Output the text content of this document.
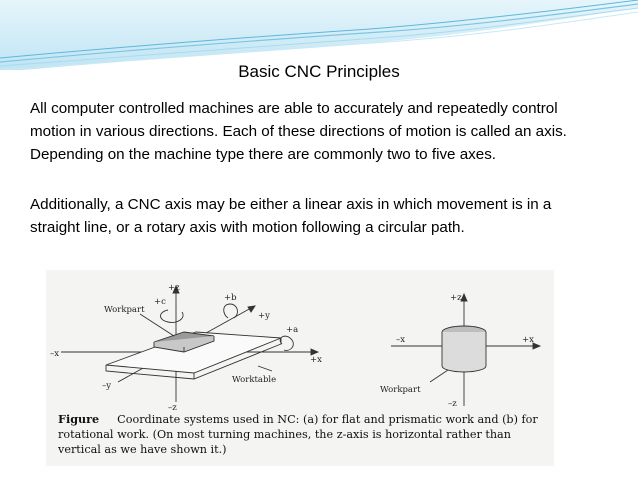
Basic CNC Principles

All computer controlled machines are able to accurately and repeatedly control motion in various directions. Each of these directions of motion is called an axis. Depending on the machine type there are commonly two to five axes.

Additionally, a CNC axis may be either a linear axis in which movement is in a straight line, or a rotary axis with motion following a circular path.

+z
+c
Workpart
+b
+y
+a
–x
+x
Worktable
–y
–z
+z
–x	+x
Workpart
–z

Figure Coordinate systems used in NC: (a) for flat and prismatic work and (b) for rotational work. (On most turning machines, the z-axis is horizontal rather than vertical as we have shown it.)
